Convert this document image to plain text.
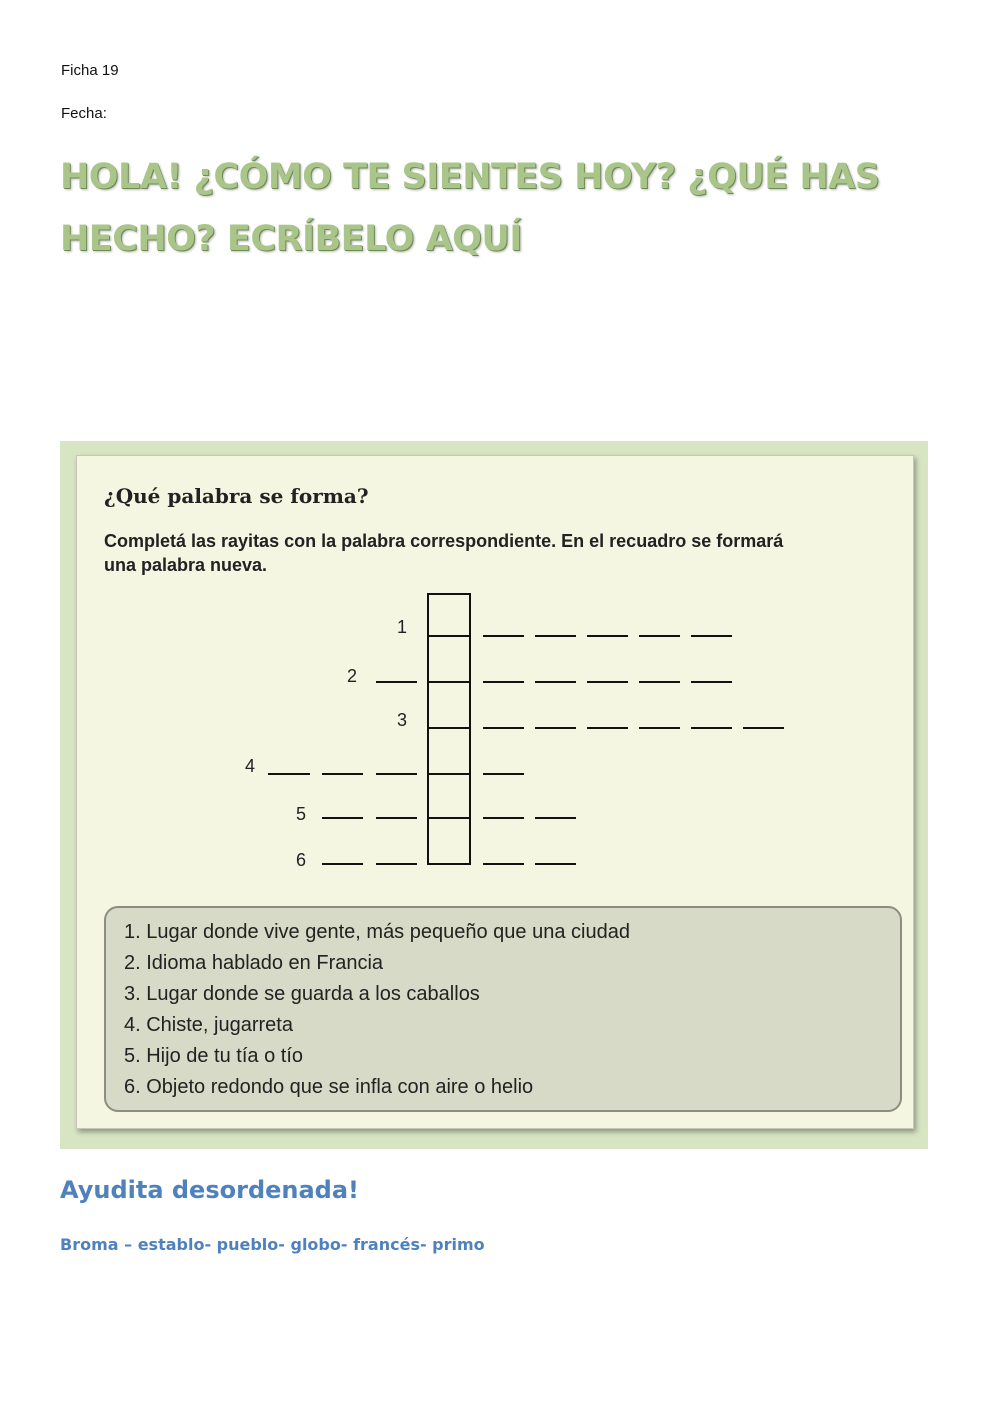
Ficha 19
Fecha:
HOLA! ¿CÓMO TE SIENTES HOY? ¿QUÉ HAS
HECHO? ECRÍBELO AQUÍ
¿Qué palabra se forma?
Completá las rayitas con la palabra correspondiente. En el recuadro se formará
una palabra nueva.
1
2
3
4
5
6
1. Lugar donde vive gente, más pequeño que una ciudad
2. Idioma hablado en Francia
3. Lugar donde se guarda a los caballos
4. Chiste, jugarreta
5. Hijo de tu tía o tío
6. Objeto redondo que se infla con aire o helio
Ayudita desordenada!
Broma – establo- pueblo- globo- francés- primo
